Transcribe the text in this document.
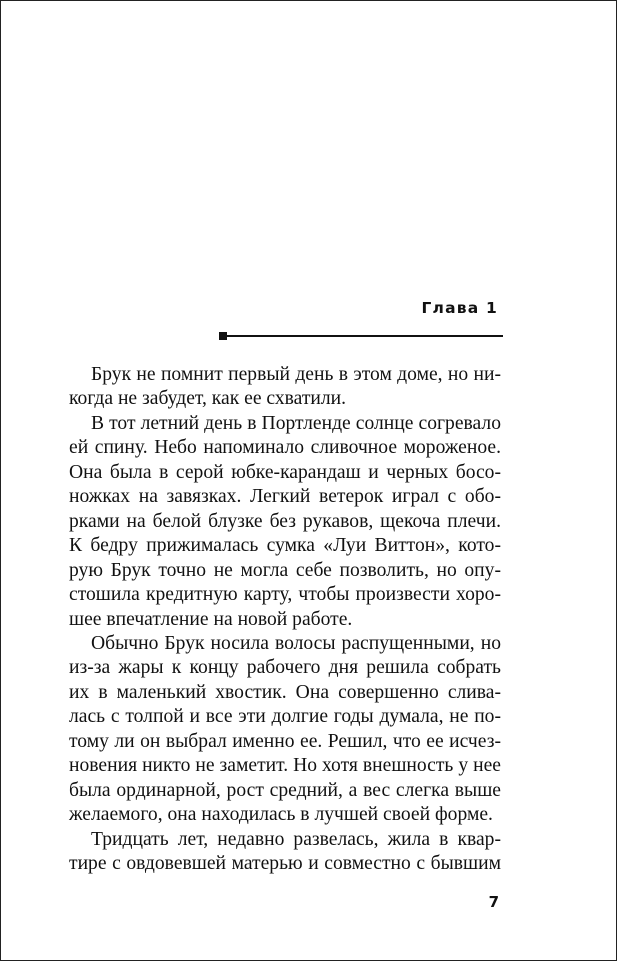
Глава 1
Брук не помнит первый день в этом доме, но ни-
когда не забудет, как ее схватили.
В тот летний день в Портленде солнце согревало
ей спину. Небо напоминало сливочное мороженое.
Она была в серой юбке-карандаш и черных босо-
ножках на завязках. Легкий ветерок играл с обо-
рками на белой блузке без рукавов, щекоча плечи.
К бедру прижималась сумка «Луи Виттон», кото-
рую Брук точно не могла себе позволить, но опу-
стошила кредитную карту, чтобы произвести хоро-
шее впечатление на новой работе.
Обычно Брук носила волосы распущенными, но
из-за жары к концу рабочего дня решила собрать
их в маленький хвостик. Она совершенно слива-
лась с толпой и все эти долгие годы думала, не по-
тому ли он выбрал именно ее. Решил, что ее исчез-
новения никто не заметит. Но хотя внешность у нее
была ординарной, рост средний, а вес слегка выше
желаемого, она находилась в лучшей своей форме.
Тридцать лет, недавно развелась, жила в квар-
тире с овдовевшей матерью и совместно с бывшим
7
